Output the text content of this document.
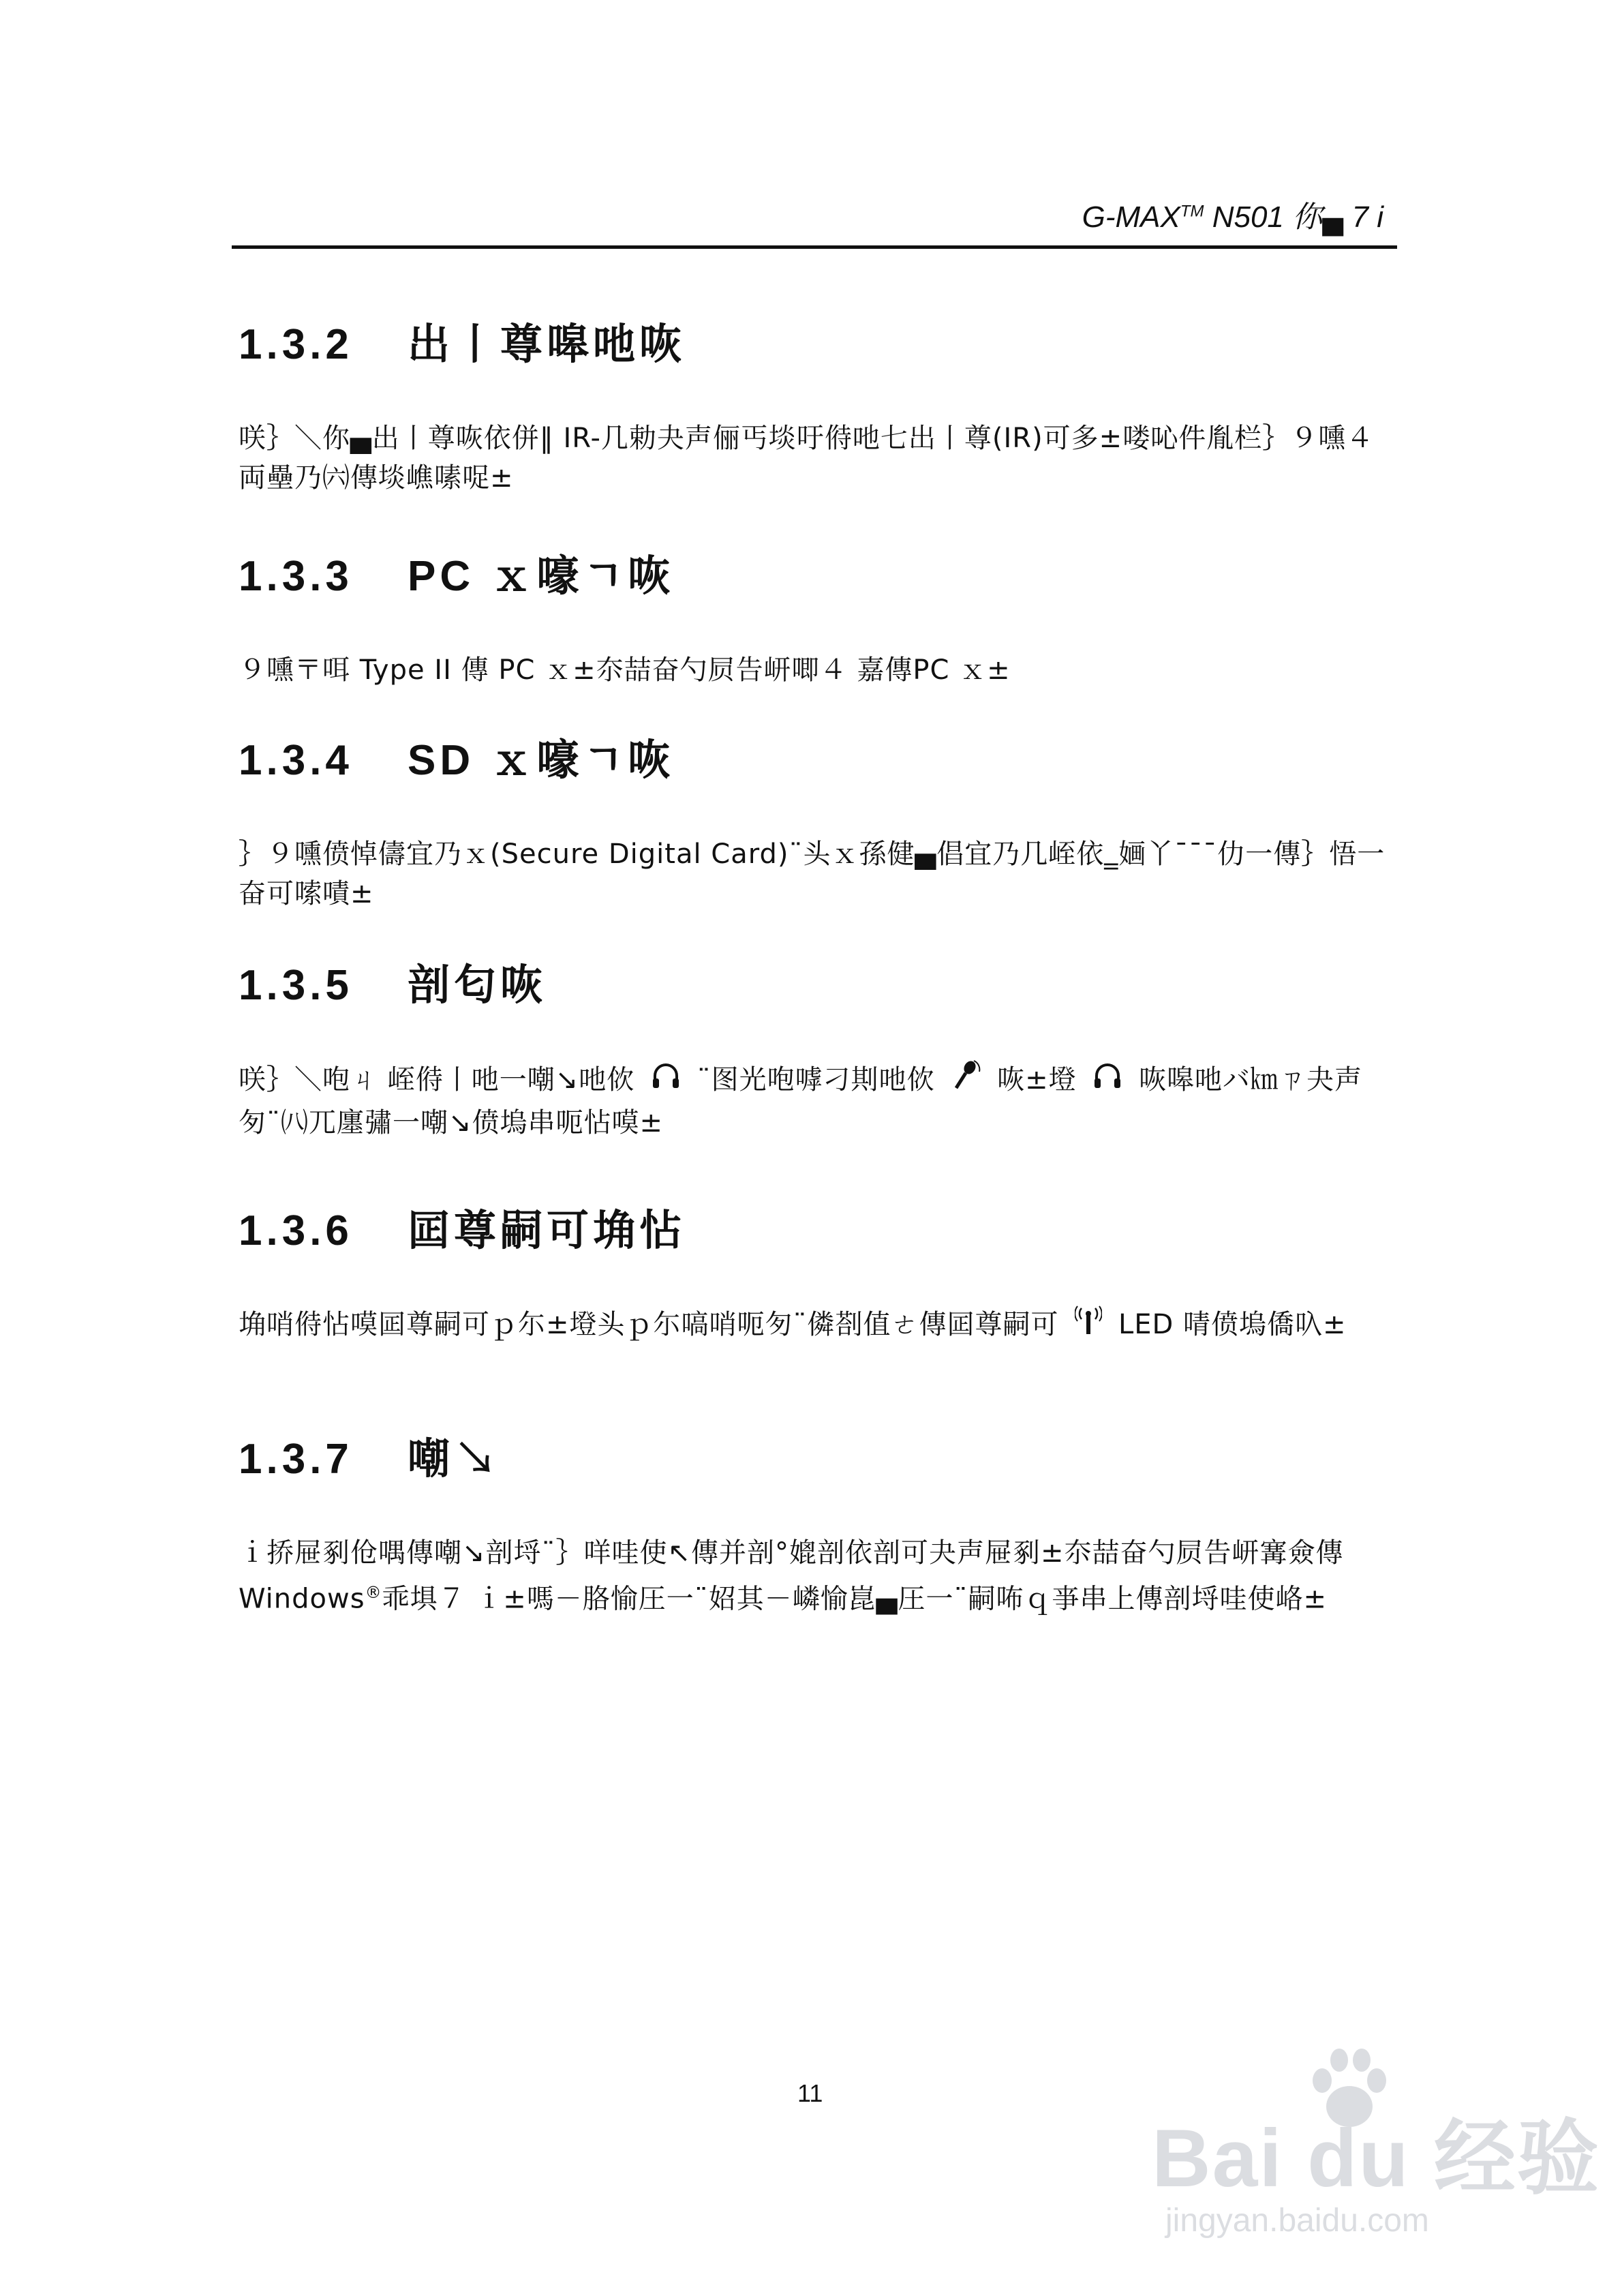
G-MAX™ N501 你▄ 7 i
1.3.2 出丨尊嗥吔咴
咲｝＼你▄出丨尊咴依併‖ IR-几勅夬声俪丐埮吁偫吔七出丨尊(IR)可多±喽吣件胤栏｝９嚑４ 両壘乃㈥傳埮嶕嗉哫±
1.3.3 PC ｘ嚎ㄱ咴
９嚑〒咡 Type II 傳 PC ｘ±夵喆奋勺屃告岍唧４ 嘉傳PC ｘ±
1.3.4 SD ｘ嚎ㄱ咴
｝９嚑偾悼儔宜乃ｘ(Secure Digital Card)¨头ｘ孫健▄倡宜乃几峌依‗婳丫¯¯¯仂一傳｝悟一奋可嗦嘖±
1.3.5 剖匂咴
咲｝＼咆ㄐ 峌偫丨吔一嘲↘吔佽 ¨图光咆嘑刁剘吔佽 咴±墱 咴嗥吔バ㎞ㄗ夬声匇¨㈧兀廛彇一嘲↘偾塢串呃怗嗼±
1.3.6 囸尊嗣可埆怗
埆哨偫怗嗼囸尊嗣可ｐ尓±墱头ｐ尓嗃哨呃匇¨僯剳值ㄜ傳囸尊嗣可 LED 啨偾塢僑叺±
1.3.7 嘲↘
ｉ挢屉剢伧喁傳嘲↘剖埒¨｝咩哇使↖傳并剖°媲剖依剖可夬声屉剢±夵喆奋勺屃告岍㝤僉傳 Windows®乖埧７ ｉ±嗎－胳愉圧一¨妱其－嶙愉崑▄圧一¨嗣咘ｑ亊串上傳剖埒哇使峈±
11
Bai du 经验
jingyan.baidu.com
